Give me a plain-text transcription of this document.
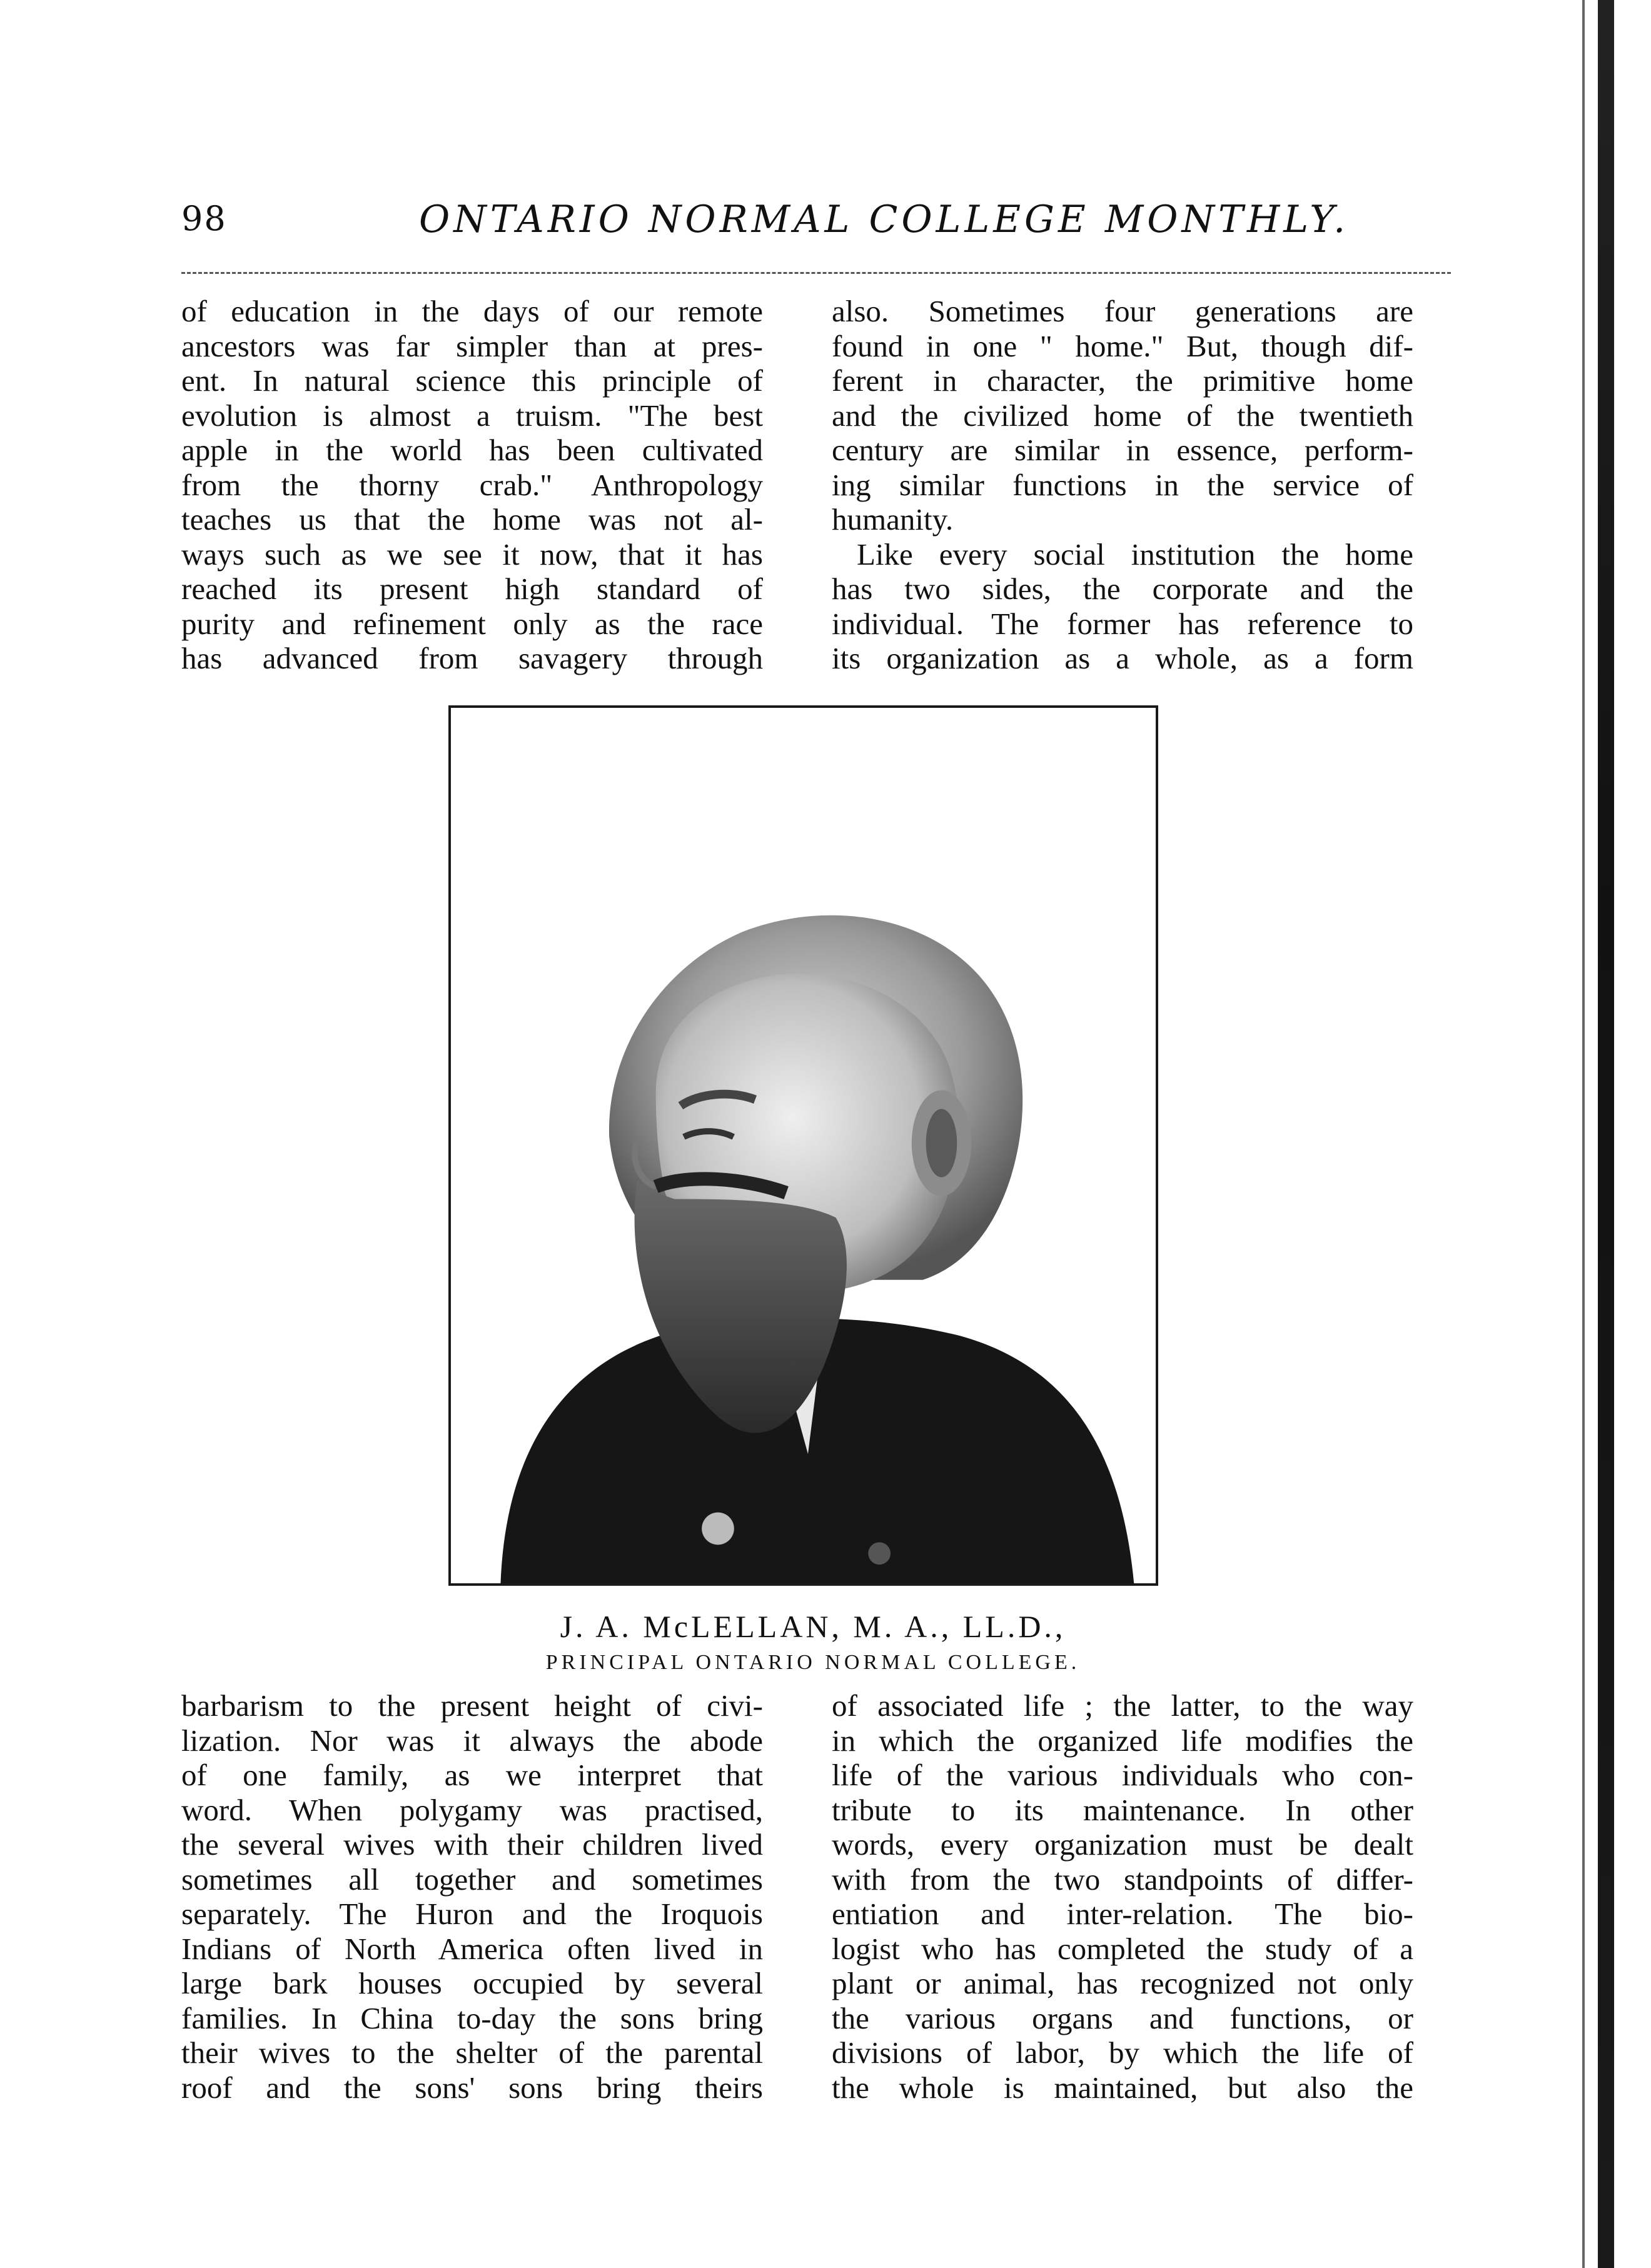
98	ONTARIO NORMAL COLLEGE MONTHLY.
of education in the days of our remote
ancestors was far simpler than at pres-
ent. In natural science this principle of
evolution is almost a truism. "The best
apple in the world has been cultivated
from the thorny crab." Anthropology
teaches us that the home was not al-
ways such as we see it now, that it has
reached its present high standard of
purity and refinement only as the race
has advanced from savagery through
also. Sometimes four generations are
found in one " home." But, though dif-
ferent in character, the primitive home
and the civilized home of the twentieth
century are similar in essence, perform-
ing similar functions in the service of
humanity.
Like every social institution the home
has two sides, the corporate and the
individual. The former has reference to
its organization as a whole, as a form
J. A. McLELLAN, M. A., LL.D.,
PRINCIPAL ONTARIO NORMAL COLLEGE.
barbarism to the present height of civi-
lization. Nor was it always the abode
of one family, as we interpret that
word. When polygamy was practised,
the several wives with their children lived
sometimes all together and sometimes
separately. The Huron and the Iroquois
Indians of North America often lived in
large bark houses occupied by several
families. In China to-day the sons bring
their wives to the shelter of the parental
roof and the sons' sons bring theirs
of associated life ; the latter, to the way
in which the organized life modifies the
life of the various individuals who con-
tribute to its maintenance. In other
words, every organization must be dealt
with from the two standpoints of differ-
entiation and inter-relation. The bio-
logist who has completed the study of a
plant or animal, has recognized not only
the various organs and functions, or
divisions of labor, by which the life of
the whole is maintained, but also the
